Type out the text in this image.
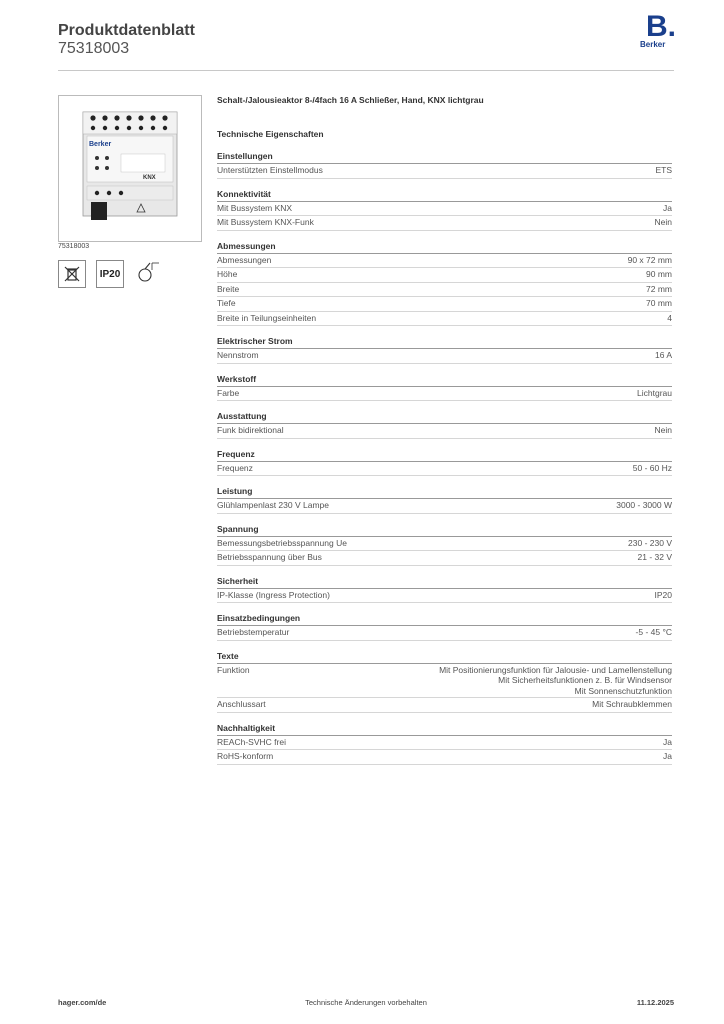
Produktdatenblatt
75318003
B.
Berker
Berker
KNX
75318003
IP20
Schalt-/Jalousieaktor 8-/4fach 16 A Schließer, Hand, KNX lichtgrau
Technische Eigenschaften
Einstellungen
Unterstützten Einstellmodus	ETS
Konnektivität
Mit Bussystem KNX	Ja
Mit Bussystem KNX-Funk	Nein
Abmessungen
Abmessungen	90 x 72 mm
Höhe	90 mm
Breite	72 mm
Tiefe	70 mm
Breite in Teilungseinheiten	4
Elektrischer Strom
Nennstrom	16 A
Werkstoff
Farbe	Lichtgrau
Ausstattung
Funk bidirektional	Nein
Frequenz
Frequenz	50 - 60 Hz
Leistung
Glühlampenlast 230 V Lampe	3000 - 3000 W
Spannung
Bemessungsbetriebsspannung Ue	230 - 230 V
Betriebsspannung über Bus	21 - 32 V
Sicherheit
IP-Klasse (Ingress Protection)	IP20
Einsatzbedingungen
Betriebstemperatur	-5 - 45 °C
Texte
Funktion	Mit Positionierungsfunktion für Jalousie- und Lamellenstellung
Mit Sicherheitsfunktionen z. B. für Windsensor
Mit Sonnenschutzfunktion
Anschlussart	Mit Schraubklemmen
Nachhaltigkeit
REACh-SVHC frei	Ja
RoHS-konform	Ja
hager.com/de	Technische Änderungen vorbehalten	11.12.2025
